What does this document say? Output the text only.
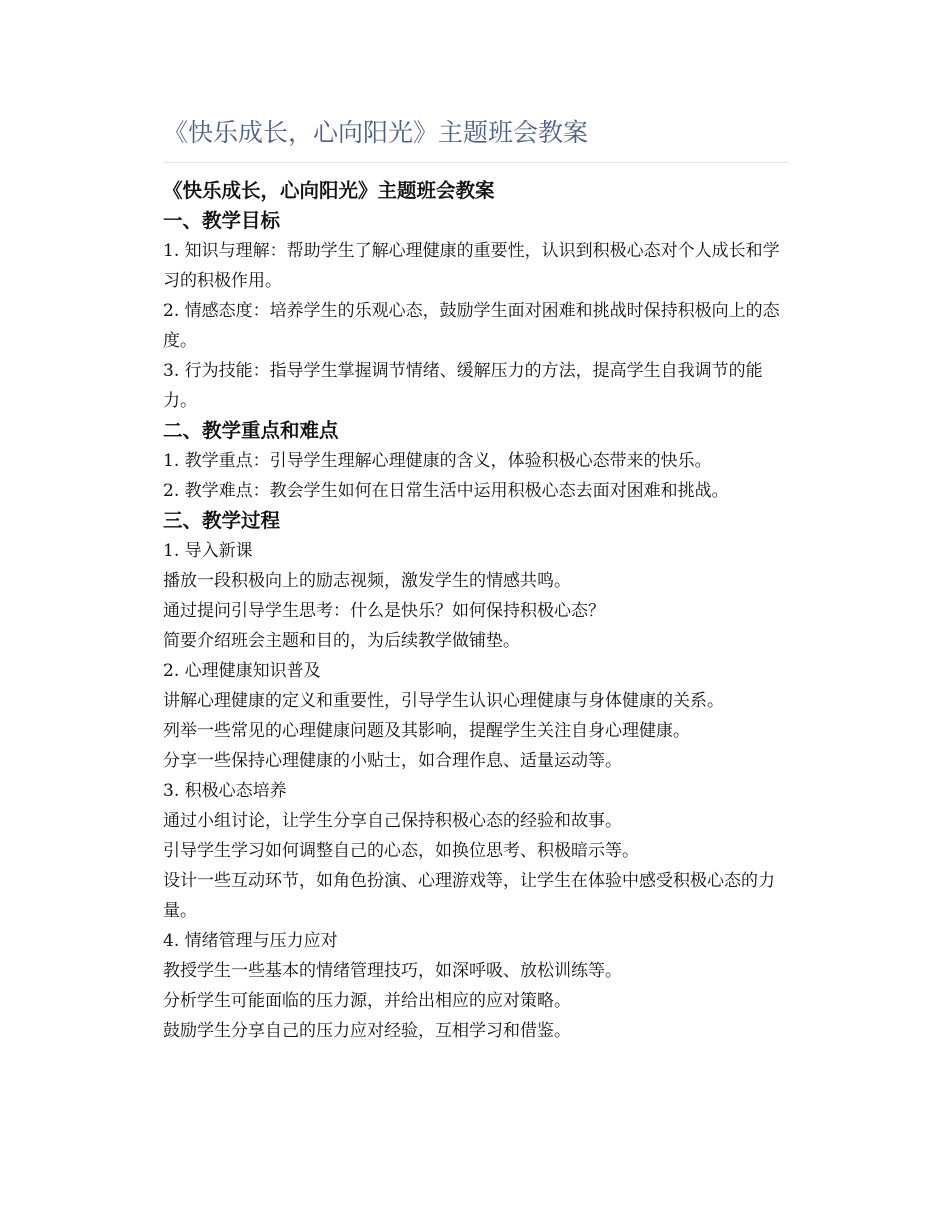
《快乐成长，心向阳光》主题班会教案
《快乐成长，心向阳光》主题班会教案
一、教学目标

1. 知识与理解：帮助学生了解心理健康的重要性，认识到积极心态对个人成长和学习的积极作用。

2. 情感态度：培养学生的乐观心态，鼓励学生面对困难和挑战时保持积极向上的态度。

3. 行为技能：指导学生掌握调节情绪、缓解压力的方法，提高学生自我调节的能力。

二、教学重点和难点

1. 教学重点：引导学生理解心理健康的含义，体验积极心态带来的快乐。

2. 教学难点：教会学生如何在日常生活中运用积极心态去面对困难和挑战。

三、教学过程

1. 导入新课

播放一段积极向上的励志视频，激发学生的情感共鸣。

通过提问引导学生思考：什么是快乐？如何保持积极心态？

简要介绍班会主题和目的，为后续教学做铺垫。

2. 心理健康知识普及

讲解心理健康的定义和重要性，引导学生认识心理健康与身体健康的关系。

列举一些常见的心理健康问题及其影响，提醒学生关注自身心理健康。

分享一些保持心理健康的小贴士，如合理作息、适量运动等。

3. 积极心态培养

通过小组讨论，让学生分享自己保持积极心态的经验和故事。

引导学生学习如何调整自己的心态，如换位思考、积极暗示等。

设计一些互动环节，如角色扮演、心理游戏等，让学生在体验中感受积极心态的力量。

4. 情绪管理与压力应对

教授学生一些基本的情绪管理技巧，如深呼吸、放松训练等。

分析学生可能面临的压力源，并给出相应的应对策略。

鼓励学生分享自己的压力应对经验，互相学习和借鉴。
